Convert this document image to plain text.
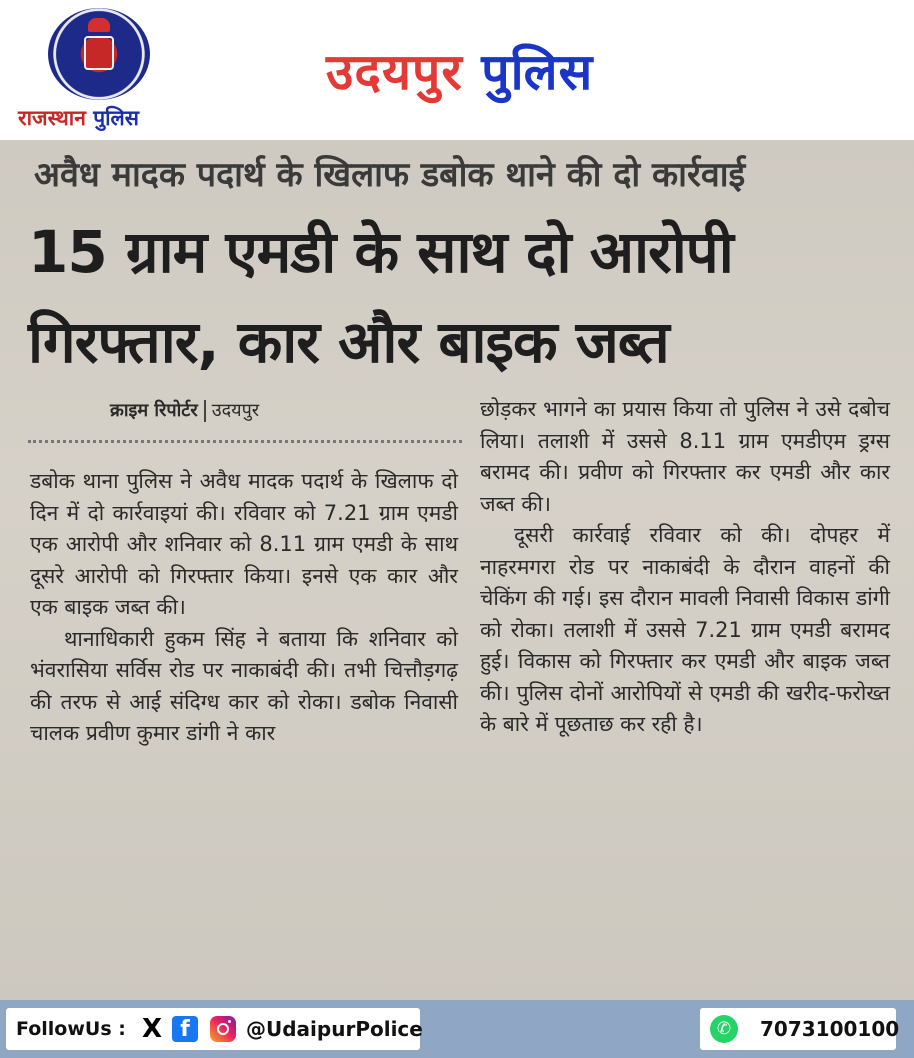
राजस्थान पुलिस
उदयपुर पुलिस
अवैध मादक पदार्थ के खिलाफ डबोक थाने की दो कार्रवाई
15 ग्राम एमडी के साथ दो आरोपी
गिरफ्तार, कार और बाइक जब्त
क्राइम रिपोर्टर उदयपुर

डबोक थाना पुलिस ने अवैध मादक पदार्थ के खिलाफ दो दिन में दो कार्रवाइयां की। रविवार को 7.21 ग्राम एमडी एक आरोपी और शनिवार को 8.11 ग्राम एमडी के साथ दूसरे आरोपी को गिरफ्तार किया। इनसे एक कार और एक बाइक जब्त की।

थानाधिकारी हुकम सिंह ने बताया कि शनिवार को भंवरासिया सर्विस रोड पर नाकाबंदी की। तभी चित्तौड़गढ़ की तरफ से आई संदिग्ध कार को रोका। डबोक निवासी चालक प्रवीण कुमार डांगी ने कार

छोड़कर भागने का प्रयास किया तो पुलिस ने उसे दबोच लिया। तलाशी में उससे 8.11 ग्राम एमडीएम ड्रग्स बरामद की। प्रवीण को गिरफ्तार कर एमडी और कार जब्त की।

दूसरी कार्रवाई रविवार को की। दोपहर में नाहरमगरा रोड पर नाकाबंदी के दौरान वाहनों की चेकिंग की गई। इस दौरान मावली निवासी विकास डांगी को रोका। तलाशी में उससे 7.21 ग्राम एमडी बरामद हुई। विकास को गिरफ्तार कर एमडी और बाइक जब्त की। पुलिस दोनों आरोपियों से एमडी की खरीद-फरोख्त के बारे में पूछताछ कर रही है।

FollowUs : X f	@UdaipurPolice	✆	7073100100
